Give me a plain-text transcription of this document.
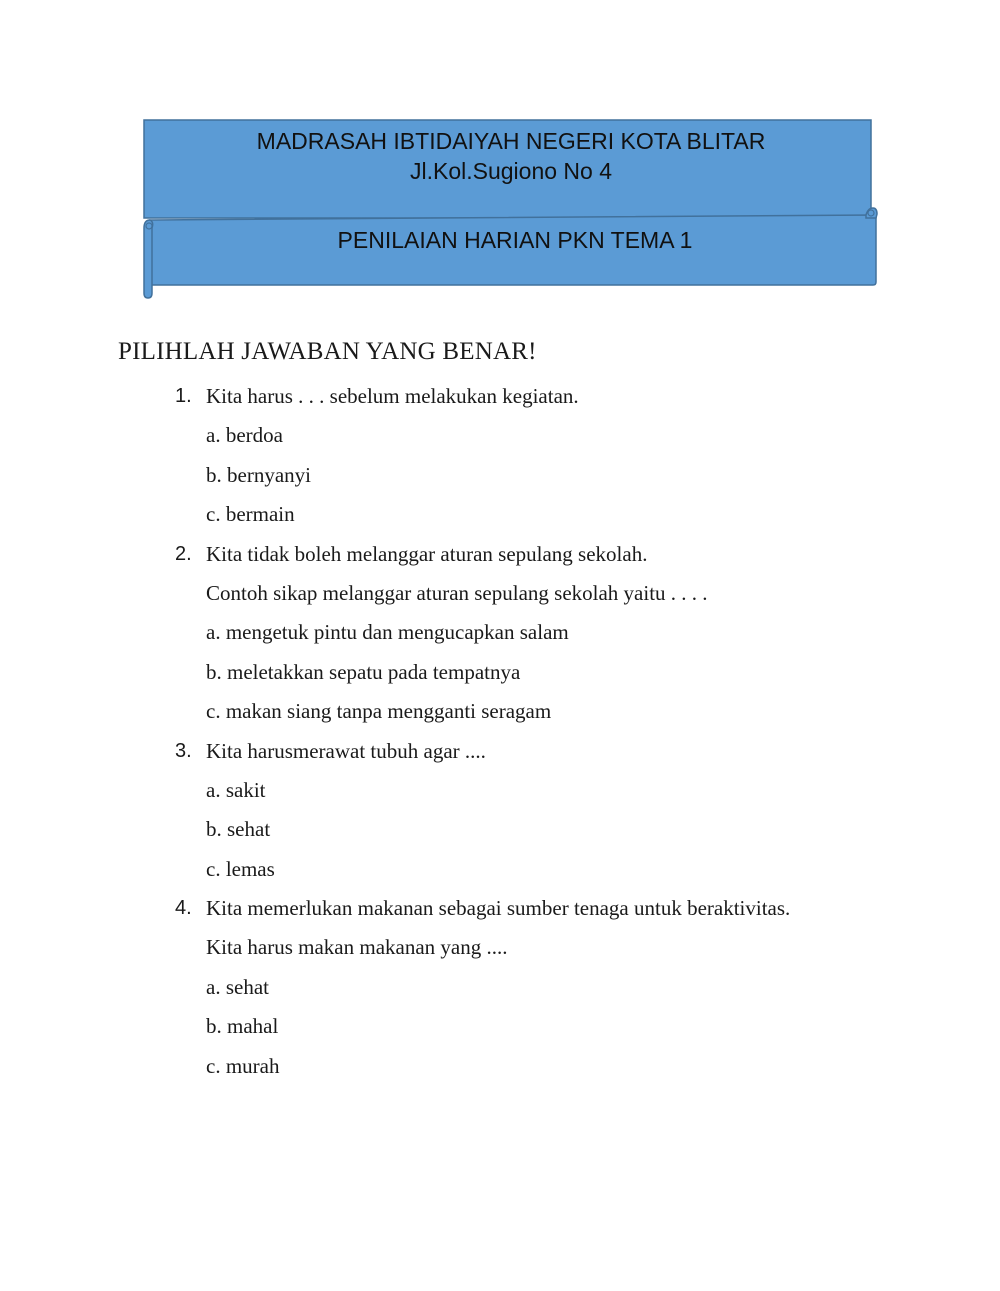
MADRASAH IBTIDAIYAH NEGERI KOTA BLITAR
Jl.Kol.Sugiono No 4
PENILAIAN HARIAN PKN TEMA 1
PILIHLAH JAWABAN YANG BENAR!
1. Kita harus . . . sebelum melakukan kegiatan.
a. berdoa
b. bernyanyi
c. bermain
2. Kita tidak boleh melanggar aturan sepulang sekolah.
Contoh sikap melanggar aturan sepulang sekolah yaitu . . . .
a. mengetuk pintu dan mengucapkan salam
b. meletakkan sepatu pada tempatnya
c. makan siang tanpa mengganti seragam
3. Kita harusmerawat tubuh agar ....
a. sakit
b. sehat
c. lemas
4. Kita memerlukan makanan sebagai sumber tenaga untuk beraktivitas.
Kita harus makan makanan yang ....
a. sehat
b. mahal
c. murah
